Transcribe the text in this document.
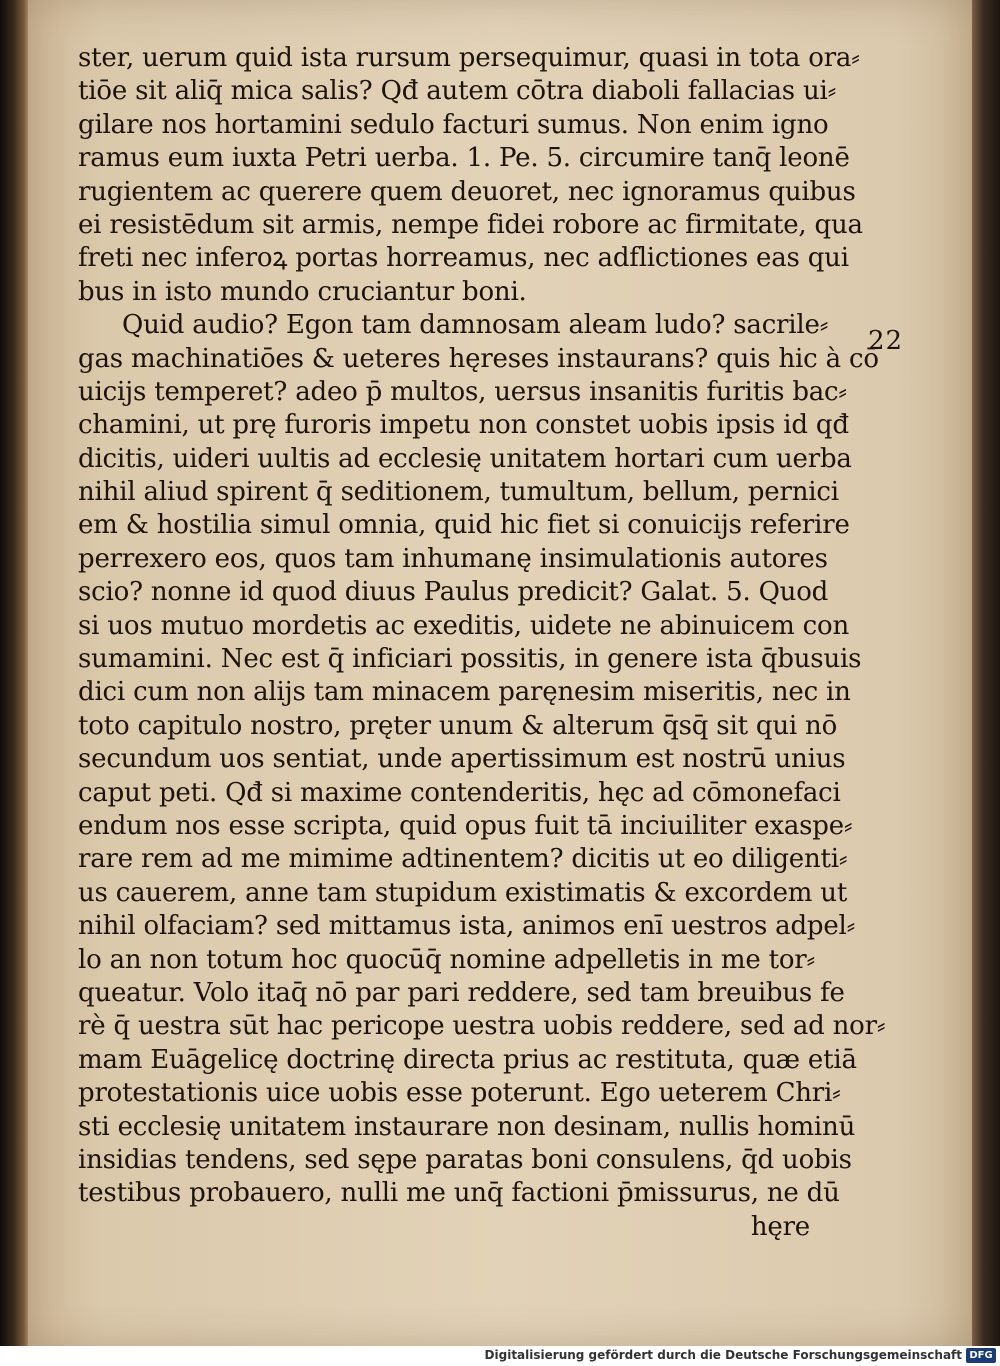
ster, uerum quid ista rursum persequimur, quasi in tota ora⸗
tiōe sit aliq̄ mica salis? Qđ autem cōtra diaboli fallacias ui⸗
gilare nos hortamini sedulo facturi sumus. Non enim igno
ramus eum iuxta Petri uerba. 1. Pe. 5. circumire tanq̄ leonē
rugientem ac querere quem deuoret, nec ignoramus quibus
ei resistēdum sit armis, nempe fidei robore ac firmitate, qua
freti nec inferoꝝ portas horreamus, nec adflictiones eas qui
bus in isto mundo cruciantur boni.
Quid audio? Egon tam damnosam aleam ludo? sacrile⸗
gas machinatiōes & ueteres hęreses instaurans? quis hic à cō
uicijs temperet? adeo p̄ multos, uersus insanitis furitis bac⸗
chamini, ut prę furoris impetu non constet uobis ipsis id qđ
dicitis, uideri uultis ad ecclesię unitatem hortari cum uerba
nihil aliud spirent q̄ seditionem, tumultum, bellum, pernici
em & hostilia simul omnia, quid hic fiet si conuicijs referire
perrexero eos, quos tam inhumanę insimulationis autores
scio? nonne id quod diuus Paulus predicit? Galat. 5. Quod
si uos mutuo mordetis ac exeditis, uidete ne abinuicem con
sumamini. Nec est q̄ inficiari possitis, in genere ista q̄busuis
dici cum non alijs tam minacem paręnesim miseritis, nec in
toto capitulo nostro, pręter unum & alterum q̄sq̄ sit qui nō
secundum uos sentiat, unde apertissimum est nostrū unius
caput peti. Qđ si maxime contenderitis, hęc ad cōmonefaci
endum nos esse scripta, quid opus fuit tā inciuiliter exaspe⸗
rare rem ad me mimime adtinentem? dicitis ut eo diligenti⸗
us cauerem, anne tam stupidum existimatis & excordem ut
nihil olfaciam? sed mittamus ista, animos enī uestros adpel⸗
lo an non totum hoc quocūq̄ nomine adpelletis in me tor⸗
queatur. Volo itaq̄ nō par pari reddere, sed tam breuibus fe
rè q̄ uestra sūt hac pericope uestra uobis reddere, sed ad nor⸗
mam Euāgelicę doctrinę directa prius ac restituta, quæ etiā
protestationis uice uobis esse poterunt. Ego ueterem Chri⸗
sti ecclesię unitatem instaurare non desinam, nullis hominū
insidias tendens, sed sępe paratas boni consulens, q̄d uobis
testibus probauero, nulli me unq̄ factioni p̄missurus, ne dū
hęre
22
Digitalisierung gefördert durch die Deutsche Forschungsgemeinschaft DFG
